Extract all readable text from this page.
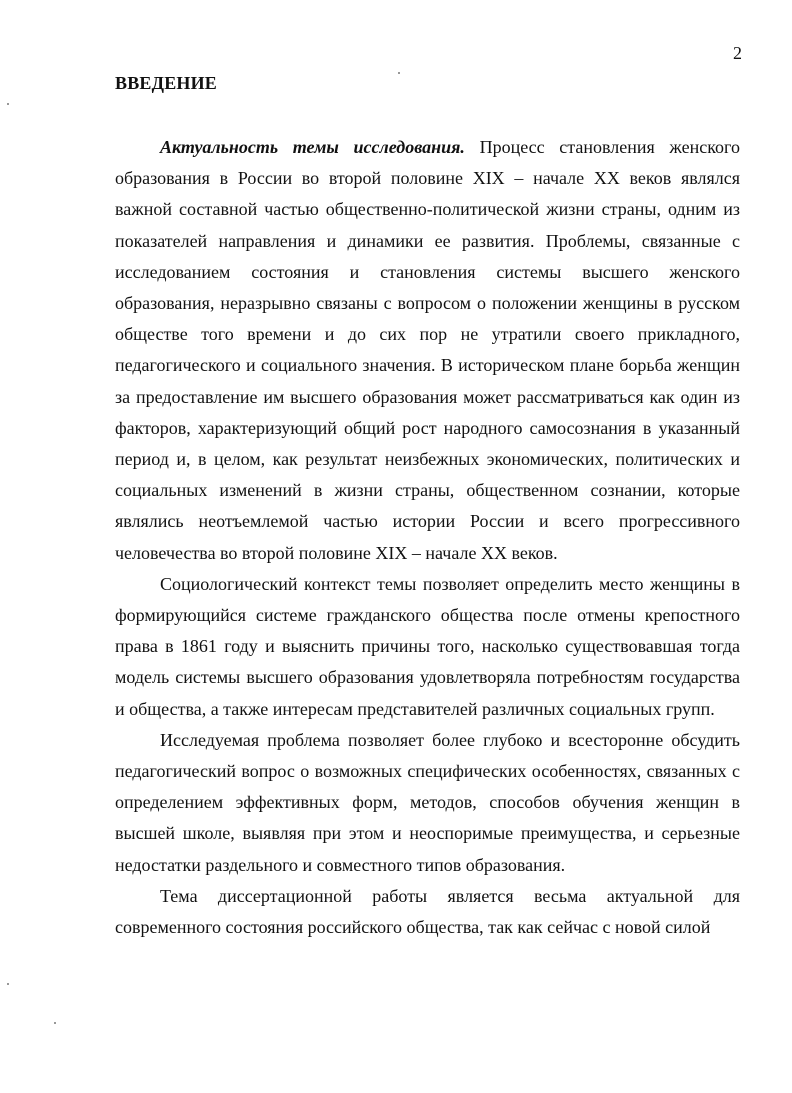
2
ВВЕДЕНИЕ

Актуальность темы исследования. Процесс становления женского образования в России во второй половине XIX – начале XX веков являлся важной составной частью общественно-политической жизни страны, одним из показателей направления и динамики ее развития. Проблемы, связанные с исследованием состояния и становления системы высшего женского образования, неразрывно связаны с вопросом о положении женщины в русском обществе того времени и до сих пор не утратили своего прикладного, педагогического и социального значения. В историческом плане борьба женщин за предоставление им высшего образования может рассматриваться как один из факторов, характеризующий общий рост народного самосознания в указанный период и, в целом, как результат неизбежных экономических, политических и социальных изменений в жизни страны, общественном сознании, которые являлись неотъемлемой частью истории России и всего прогрессивного человечества во второй половине XIX – начале XX веков.

Социологический контекст темы позволяет определить место женщины в формирующийся системе гражданского общества после отмены крепостного права в 1861 году и выяснить причины того, насколько существовавшая тогда модель системы высшего образования удовлетворяла потребностям государства и общества, а также интересам представителей различных социальных групп.

Исследуемая проблема позволяет более глубоко и всесторонне обсудить педагогический вопрос о возможных специфических особенностях, связанных с определением эффективных форм, методов, способов обучения женщин в высшей школе, выявляя при этом и неоспоримые преимущества, и серьезные недостатки раздельного и совместного типов образования.

Тема диссертационной работы является весьма актуальной для современного состояния российского общества, так как сейчас с новой силой
